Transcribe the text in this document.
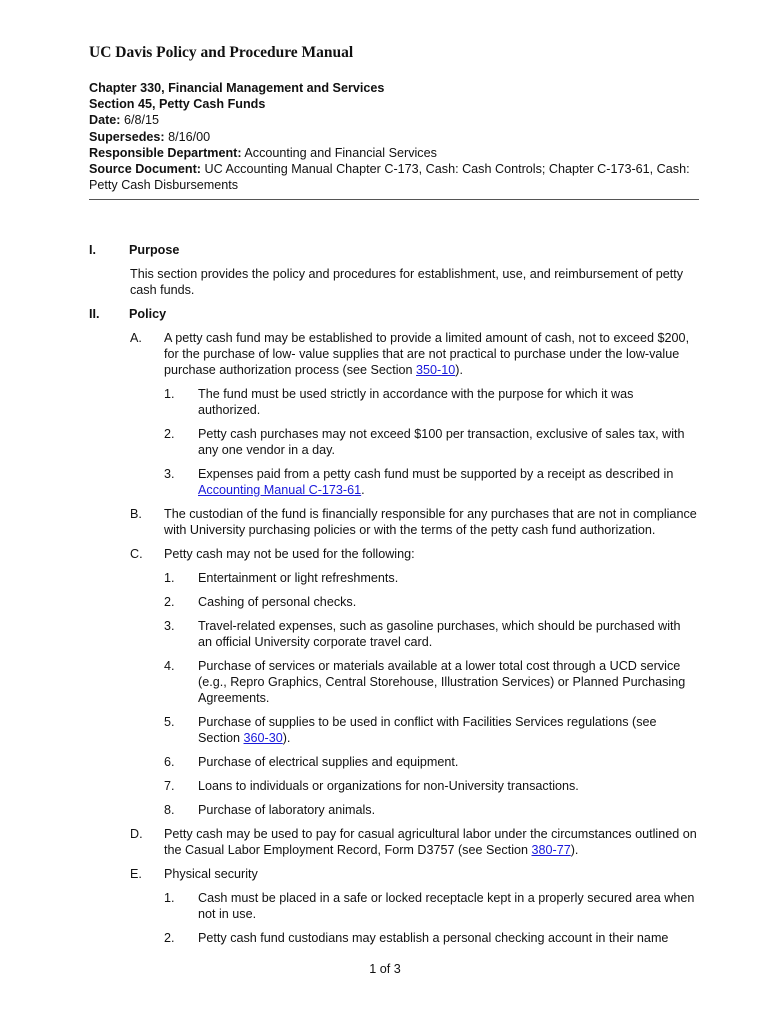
UC Davis Policy and Procedure Manual
Chapter 330, Financial Management and Services
Section 45, Petty Cash Funds
Date: 6/8/15
Supersedes: 8/16/00
Responsible Department: Accounting and Financial Services
Source Document: UC Accounting Manual Chapter C-173, Cash: Cash Controls; Chapter C-173-61, Cash: Petty Cash Disbursements
I.	Purpose
This section provides the policy and procedures for establishment, use, and reimbursement of petty
cash funds.
II. Policy
A. A petty cash fund may be established to provide a limited amount of cash, not to exceed $200,
for the purchase of low- value supplies that are not practical to purchase under the low-value
purchase authorization process (see Section 350-10).
1. The fund must be used strictly in accordance with the purpose for which it was
authorized.
2. Petty cash purchases may not exceed $100 per transaction, exclusive of sales tax, with
any one vendor in a day.
3. Expenses paid from a petty cash fund must be supported by a receipt as described in
Accounting Manual C-173-61.
B. The custodian of the fund is financially responsible for any purchases that are not in compliance
with University purchasing policies or with the terms of the petty cash fund authorization.
C. Petty cash may not be used for the following:
1. Entertainment or light refreshments.
2. Cashing of personal checks.
3. Travel-related expenses, such as gasoline purchases, which should be purchased with
an official University corporate travel card.
4. Purchase of services or materials available at a lower total cost through a UCD service
(e.g., Repro Graphics, Central Storehouse, Illustration Services) or Planned Purchasing
Agreements.
5. Purchase of supplies to be used in conflict with Facilities Services regulations (see
Section 360-30).
6. Purchase of electrical supplies and equipment.
7. Loans to individuals or organizations for non-University transactions.
8. Purchase of laboratory animals.
D. Petty cash may be used to pay for casual agricultural labor under the circumstances outlined on
the Casual Labor Employment Record, Form D3757 (see Section 380-77).
E. Physical security
1. Cash must be placed in a safe or locked receptacle kept in a properly secured area when
not in use.
2. Petty cash fund custodians may establish a personal checking account in their name
1 of 3
